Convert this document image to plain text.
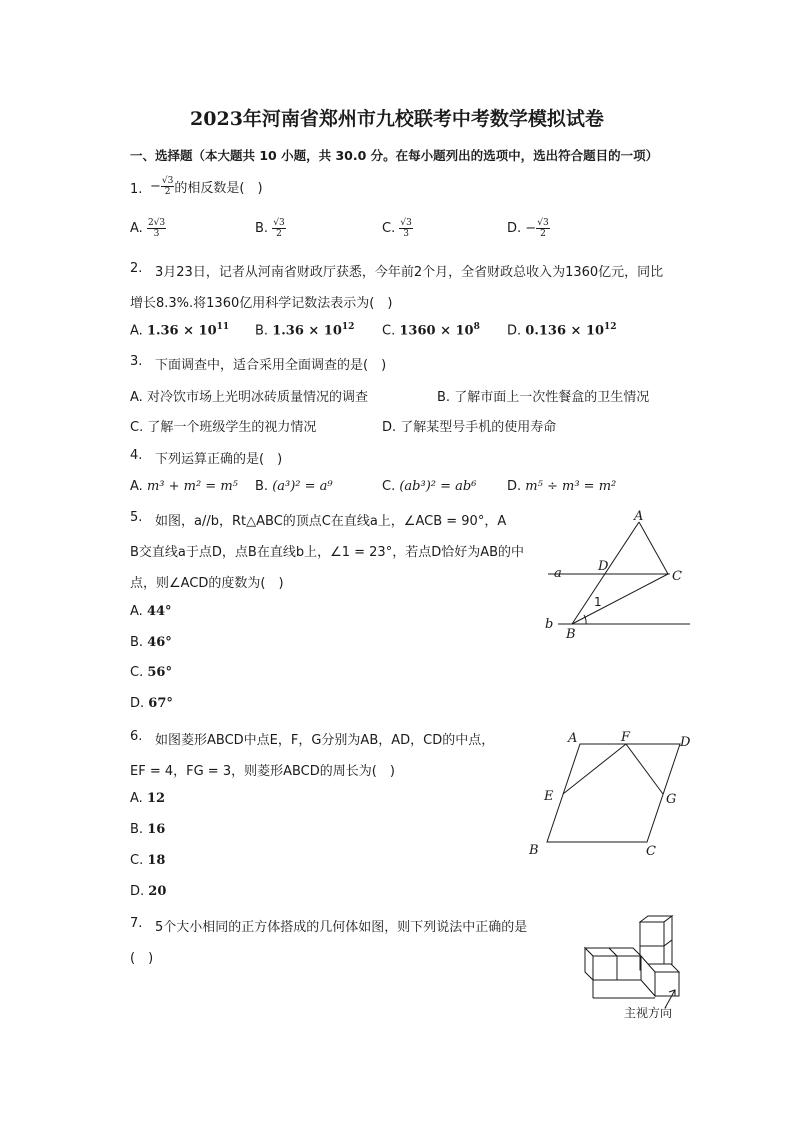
2023年河南省郑州市九校联考中考数学模拟试卷
一、选择题（本大题共 10 小题，共 30.0 分。在每小题列出的选项中，选出符合题目的一项）
1. − $\frac{√3}{2}$ 的相反数是(　)
A. $\frac{2√3}{3}$	B. $\frac{√3}{2}$	C. $\frac{√3}{3}$	D. − $\frac{√3}{2}$
2. 3月23日，记者从河南省财政厅获悉，今年前2个月，全省财政总收入为1360亿元，同比
增长8.3%.将1360亿用科学记数法表示为(　)
A. $1.36 \times 10^{11}$ B. $1.36 \times 10^{12}$ C. $1360 \times 10^8$ D. $0.136 \times 10^{12}$
3. 下面调查中，适合采用全面调查的是(　)
A. 对冷饮市场上光明冰砖质量情况的调查	B. 了解市面上一次性餐盒的卫生情况
C. 了解一个班级学生的视力情况	D. 了解某型号手机的使用寿命
4. 下列运算正确的是(　)
A. m³ + m² = m⁵ B. (a³)² = a⁹	C. (ab³)² = ab⁶ D. m⁵ ÷ m³ = m²
5. 如图，a//b，Rt△ABC的顶点C在直线a上，∠ACB = 90°，A
B交直线a于点D，点B在直线b上，∠1 = 23°，若点D恰好为AB的中
点，则∠ACD的度数为(　)
A. 44°
B. 46°
C. 56°
D. 67°
A
D
C
B
a
b
1
6. 如图菱形ABCD中点E，F，G分别为AB，AD，CD的中点，
EF = 4，FG = 3，则菱形ABCD的周长为(　)
A. 12
B. 16
C. 18
D. 20
A	F	D
E	G
B	C
7. 5个大小相同的正方体搭成的几何体如图，则下列说法中正确的是
(　)
主视方向
